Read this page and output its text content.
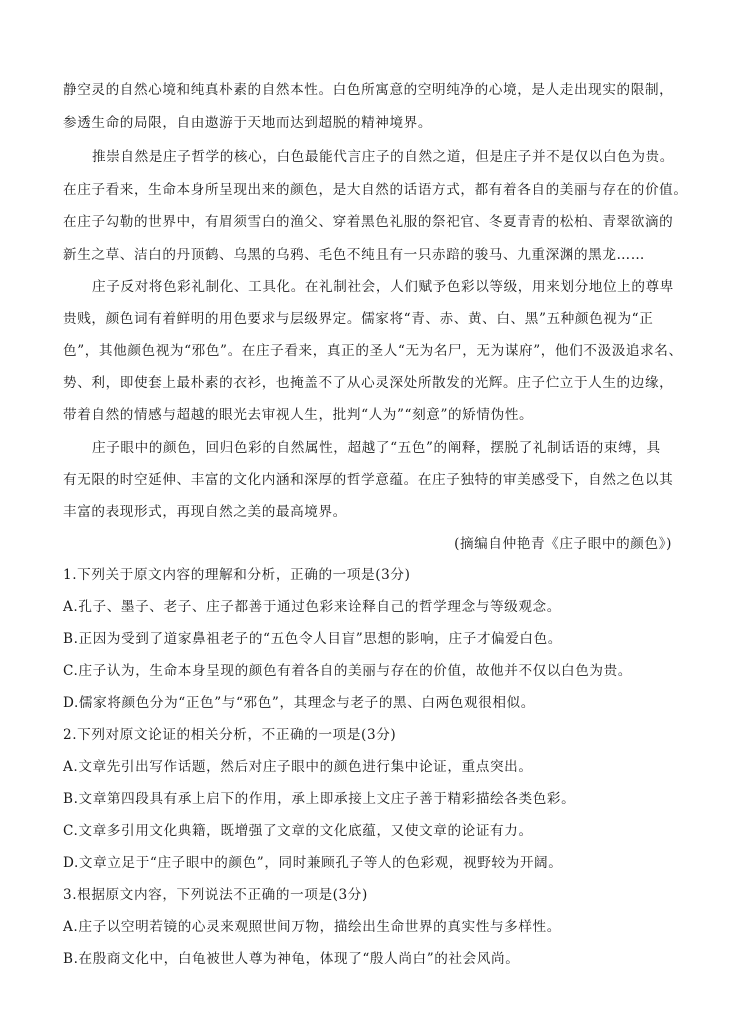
静空灵的自然心境和纯真朴素的自然本性。白色所寓意的空明纯净的心境，是人走出现实的限制，
参透生命的局限，自由遨游于天地而达到超脱的精神境界。
推崇自然是庄子哲学的核心，白色最能代言庄子的自然之道，但是庄子并不是仅以白色为贵。
在庄子看来，生命本身所呈现出来的颜色，是大自然的话语方式，都有着各自的美丽与存在的价值。
在庄子勾勒的世界中，有眉须雪白的渔父、穿着黑色礼服的祭祀官、冬夏青青的松柏、青翠欲滴的
新生之草、洁白的丹顶鹤、乌黑的乌鸦、毛色不纯且有一只赤踣的骏马、九重深渊的黑龙……
庄子反对将色彩礼制化、工具化。在礼制社会，人们赋予色彩以等级，用来划分地位上的尊卑
贵贱，颜色词有着鲜明的用色要求与层级界定。儒家将“青、赤、黄、白、黑”五种颜色视为“正
色”，其他颜色视为“邪色”。在庄子看来，真正的圣人“无为名尸，无为谋府”，他们不汲汲追求名、
势、利，即使套上最朴素的衣衫，也掩盖不了从心灵深处所散发的光辉。庄子伫立于人生的边缘，
带着自然的情感与超越的眼光去审视人生，批判“人为”“刻意”的矫情伪性。
庄子眼中的颜色，回归色彩的自然属性，超越了“五色”的阐释，摆脱了礼制话语的束缚，具
有无限的时空延伸、丰富的文化内涵和深厚的哲学意蕴。在庄子独特的审美感受下，自然之色以其
丰富的表现形式，再现自然之美的最高境界。
(摘编自仲艳青《庄子眼中的颜色》)
1.下列关于原文内容的理解和分析，正确的一项是(3分)
A.孔子、墨子、老子、庄子都善于通过色彩来诠释自己的哲学理念与等级观念。
B.正因为受到了道家鼻祖老子的“五色令人目盲”思想的影响，庄子才偏爱白色。
C.庄子认为，生命本身呈现的颜色有着各自的美丽与存在的价值，故他并不仅以白色为贵。
D.儒家将颜色分为“正色”与“邪色”，其理念与老子的黑、白两色观很相似。
2.下列对原文论证的相关分析，不正确的一项是(3分)
A.文章先引出写作话题，然后对庄子眼中的颜色进行集中论证，重点突出。
B.文章第四段具有承上启下的作用，承上即承接上文庄子善于精彩描绘各类色彩。
C.文章多引用文化典籍，既增强了文章的文化底蕴，又使文章的论证有力。
D.文章立足于“庄子眼中的颜色”，同时兼顾孔子等人的色彩观，视野较为开阔。
3.根据原文内容，下列说法不正确的一项是(3分)
A.庄子以空明若镜的心灵来观照世间万物，描绘出生命世界的真实性与多样性。
B.在殷商文化中，白龟被世人尊为神龟，体现了“殷人尚白”的社会风尚。
